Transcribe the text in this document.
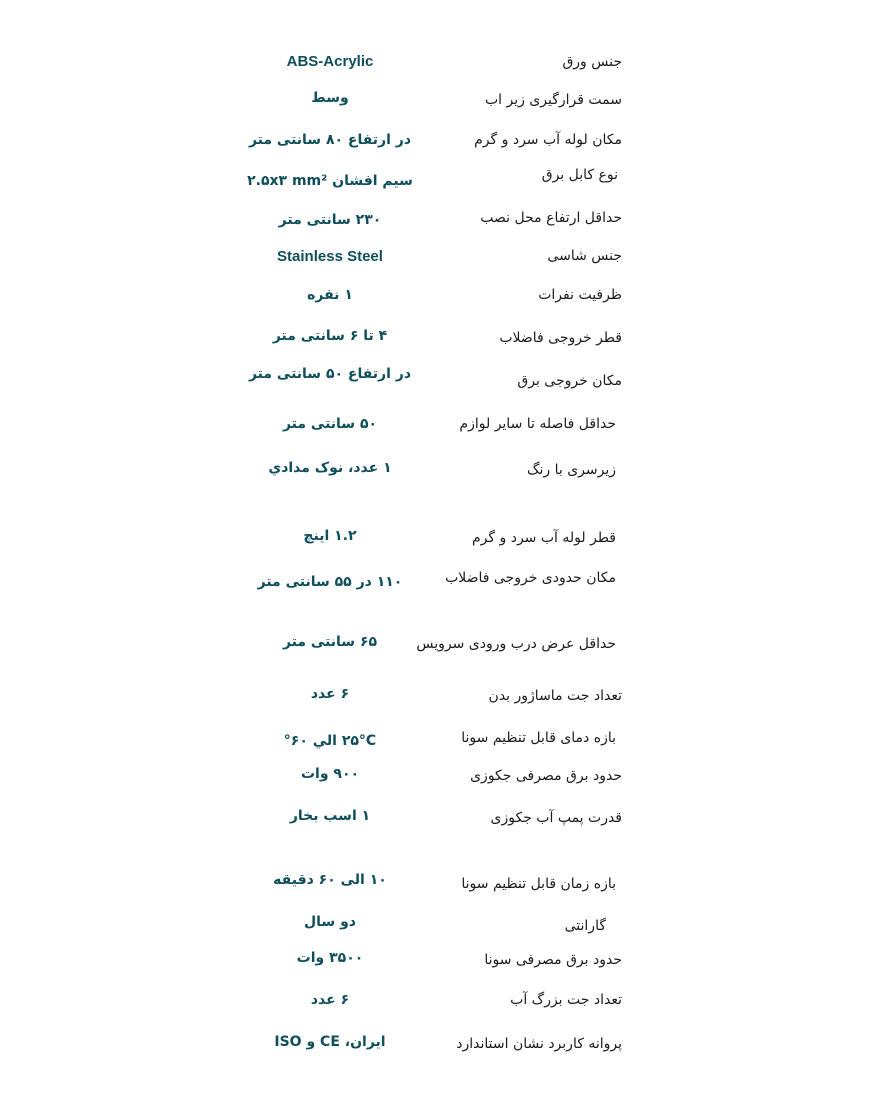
جنس ورق
ABS-Acrylic
سمت قرارگیری زیر اب
وسط
مکان لوله آب سرد و گرم
در ارتفاع ۸۰ سانتی متر
نوع کابل برق
سیم افشان ۲.۵x۳ mm²
حداقل ارتفاع محل نصب
۲۳۰ سانتی متر
جنس شاسی
Stainless Steel
ظرفیت نفرات
۱ نفره
قطر خروجی فاضلاب
۴ تا ۶ سانتی متر
مکان خروجی برق
در ارتفاع ۵۰ سانتی متر
حداقل فاصله تا سایر لوازم
۵۰ سانتی متر
زیرسری با رنگ
۱ عدد، نوک مدادي
قطر لوله آب سرد و گرم
۱.۲ اینچ
مکان حدودی خروجی فاضلاب
۱۱۰ در ۵۵ سانتی متر
حداقل عرض درب ورودی سرویس
۶۵ سانتی متر
تعداد جت ماساژور بدن
۶ عدد
بازه دمای قابل تنظیم سونا
۲۵°C الي ۶۰°
حدود برق مصرفی جکوزی
۹۰۰ وات
قدرت پمپ آب جکوزی
۱ اسب بخار
بازه زمان قابل تنظیم سونا
۱۰ الی ۶۰ دقیقه
گارانتی
دو سال
حدود برق مصرفی سونا
۳۵۰۰ وات
تعداد جت بزرگ آب
۶ عدد
پروانه کاربرد نشان استاندارد
ایران، CE و ISO
